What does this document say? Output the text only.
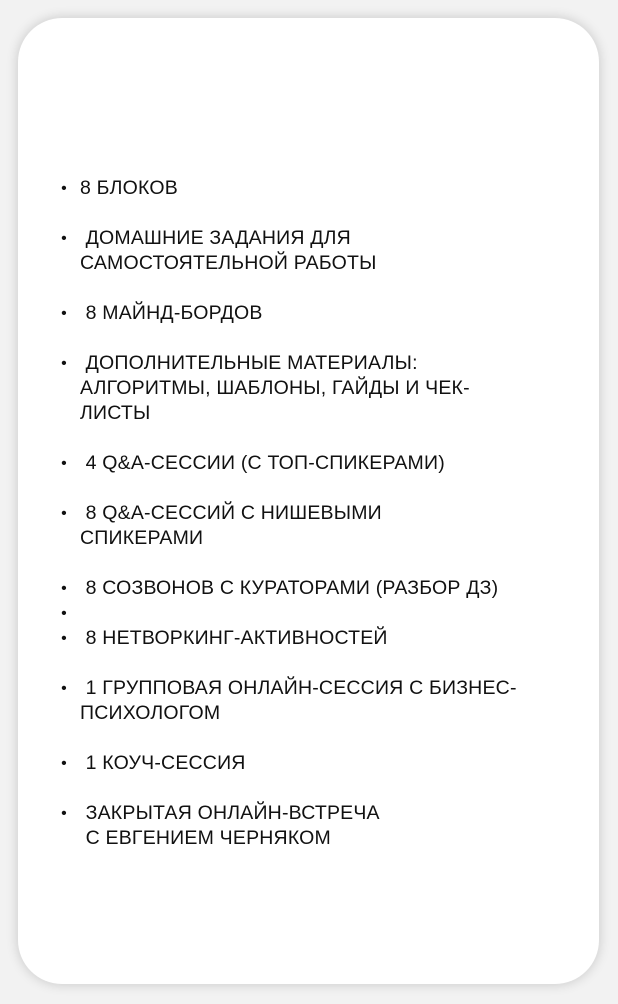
• 8 БЛОКОВ
• ДОМАШНИЕ ЗАДАНИЯ ДЛЯ
САМОСТОЯТЕЛЬНОЙ РАБОТЫ
• 8 МАЙНД-БОРДОВ
• ДОПОЛНИТЕЛЬНЫЕ МАТЕРИАЛЫ:
АЛГОРИТМЫ, ШАБЛОНЫ, ГАЙДЫ И ЧЕК-
ЛИСТЫ
• 4 Q&A-СЕССИИ (С ТОП-СПИКЕРАМИ)
• 8 Q&A-СЕССИЙ С НИШЕВЫМИ
СПИКЕРАМИ
• 8 СОЗВОНОВ С КУРАТОРАМИ (РАЗБОР ДЗ)
•
• 8 НЕТВОРКИНГ-АКТИВНОСТЕЙ
• 1 ГРУППОВАЯ ОНЛАЙН-СЕССИЯ С БИЗНЕС-
ПСИХОЛОГОМ
• 1 КОУЧ-СЕССИЯ
• ЗАКРЫТАЯ ОНЛАЙН-ВСТРЕЧА
С ЕВГЕНИЕМ ЧЕРНЯКОМ
